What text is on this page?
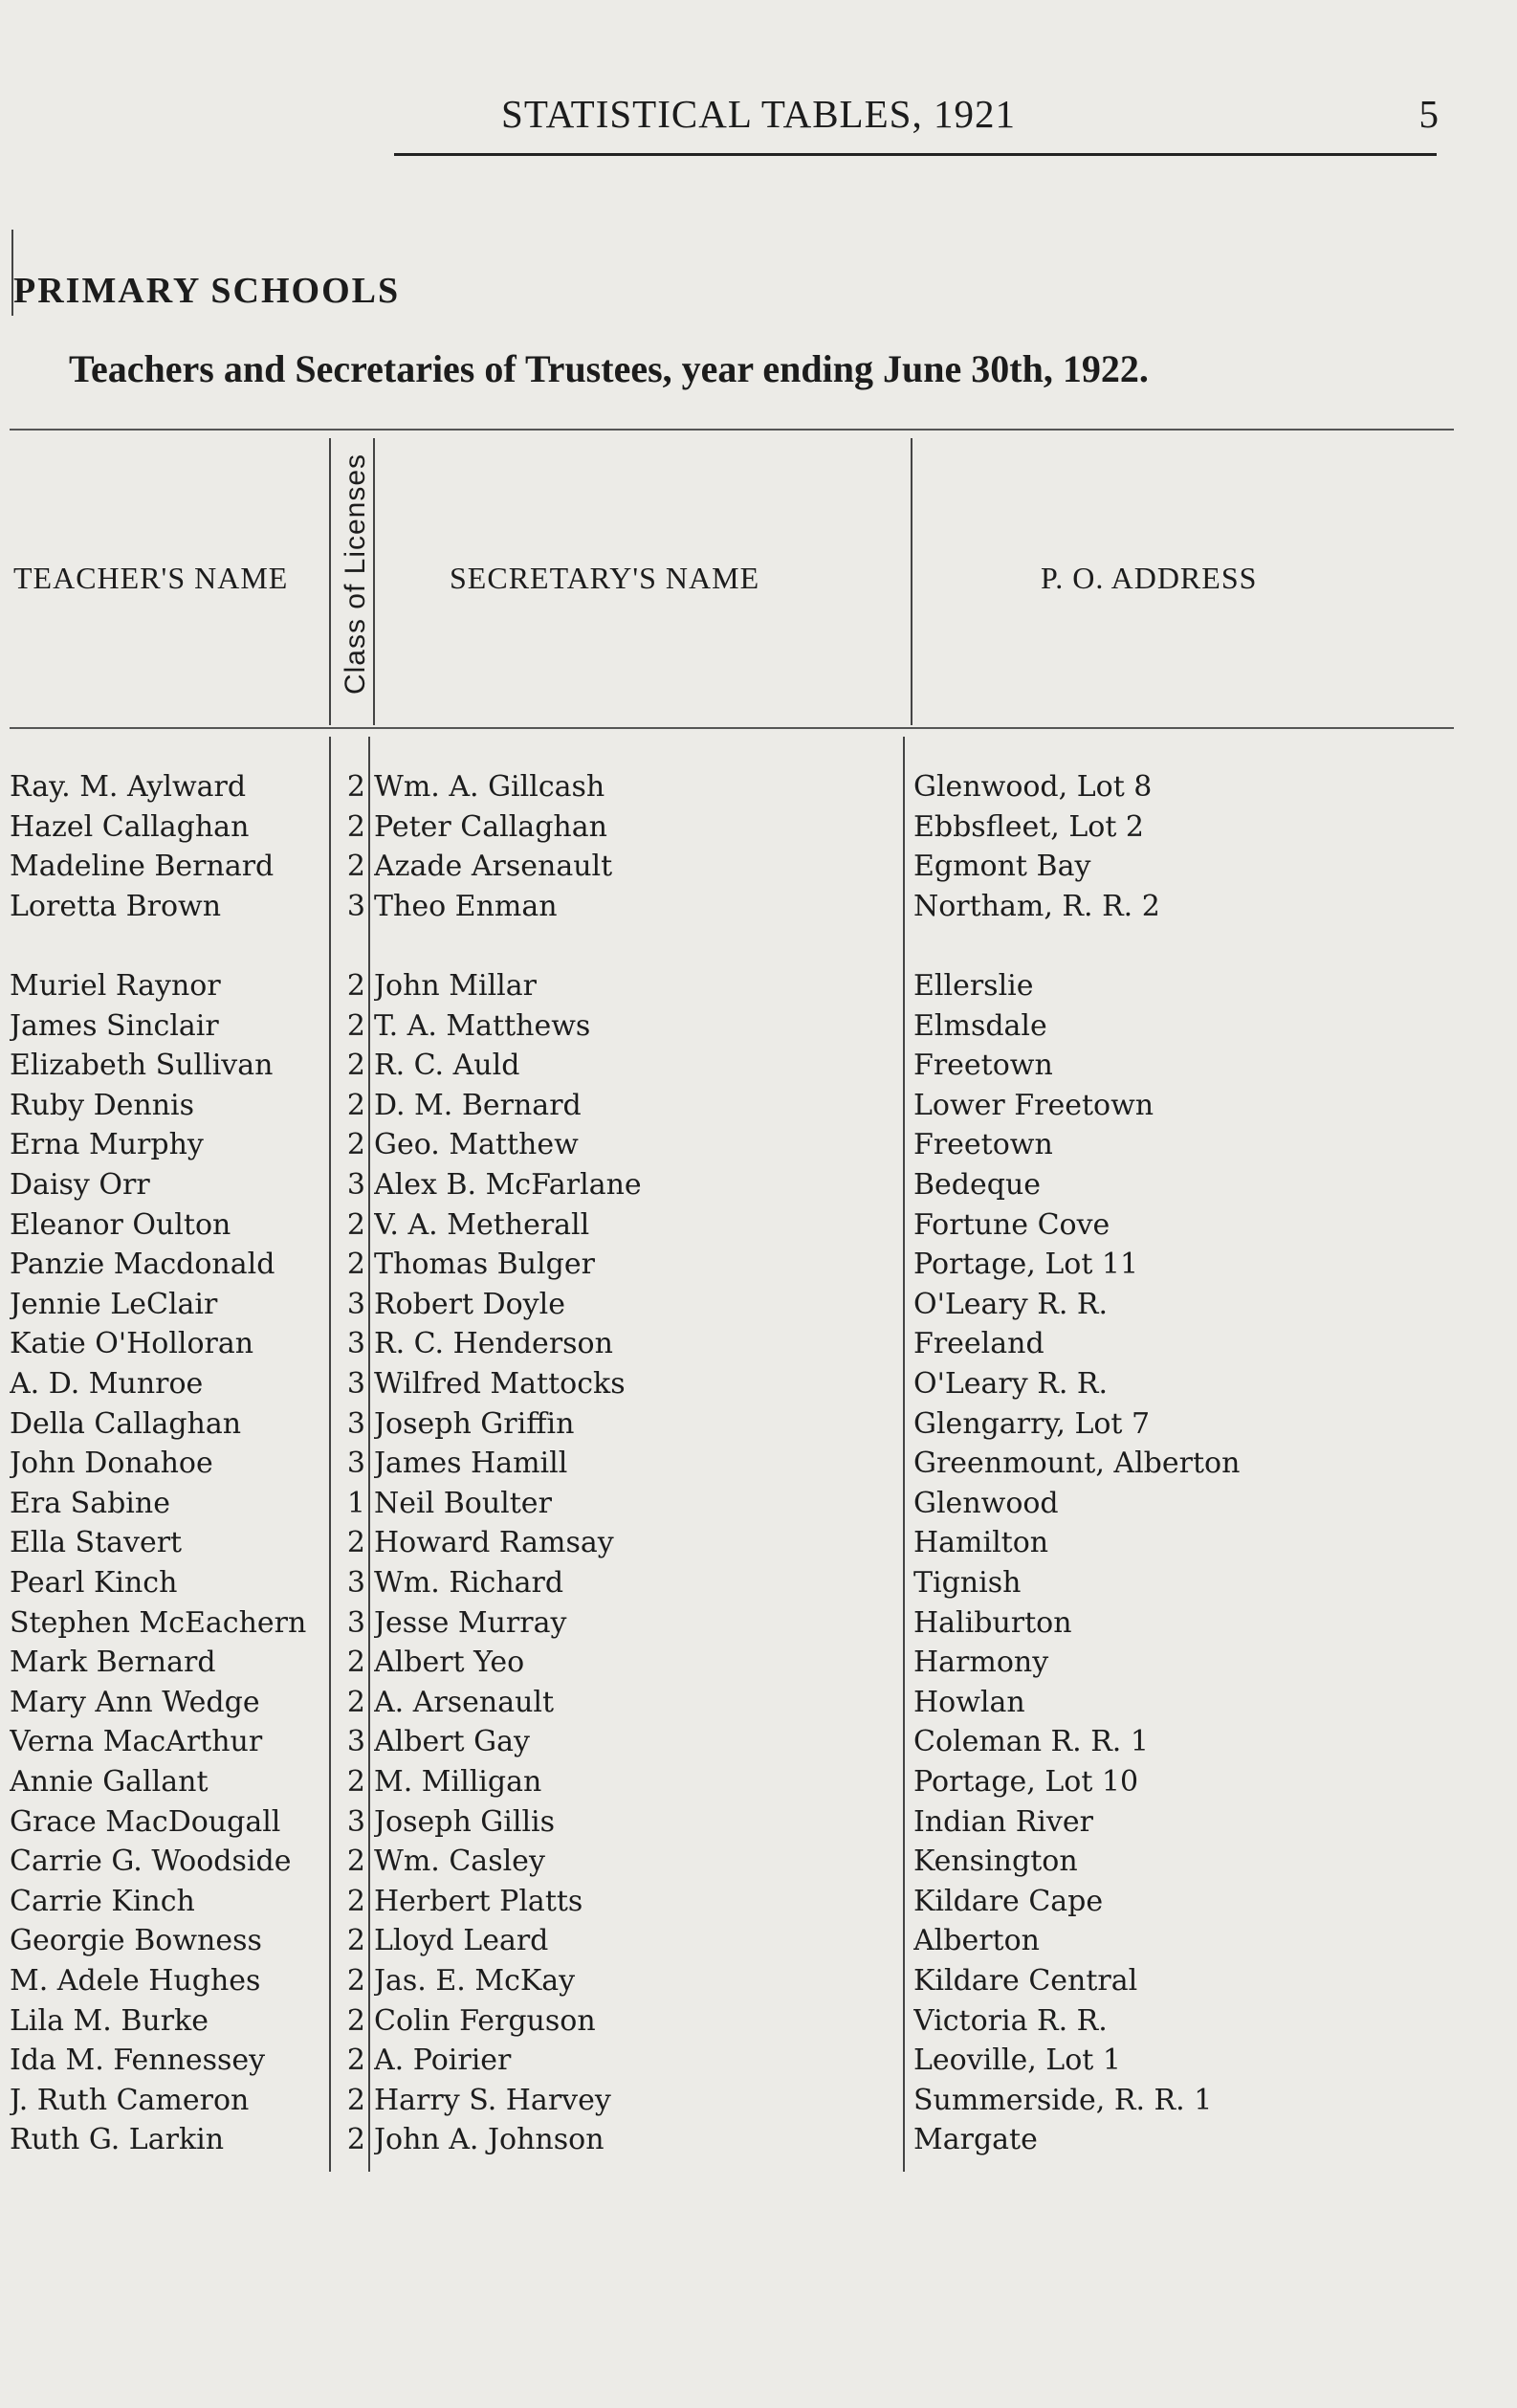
STATISTICAL TABLES, 1921	5
PRIMARY SCHOOLS
Teachers and Secretaries of Trustees, year ending June 30th, 1922.
TEACHER'S NAME Class of Licenses	SECRETARY'S NAME	P. O. ADDRESS
Ray. M. Aylward	2 Wm. A. Gillcash	Glenwood, Lot 8
Hazel Callaghan	2 Peter Callaghan	Ebbsfleet, Lot 2
Madeline Bernard	2 Azade Arsenault	Egmont Bay
Loretta Brown	3 Theo Enman	Northam, R. R. 2
Muriel Raynor	2 John Millar	Ellerslie
James Sinclair	2 T. A. Matthews	Elmsdale
Elizabeth Sullivan	2 R. C. Auld	Freetown
Ruby Dennis	2 D. M. Bernard	Lower Freetown
Erna Murphy	2 Geo. Matthew	Freetown
Daisy Orr	3 Alex B. McFarlane	Bedeque
Eleanor Oulton	2 V. A. Metherall	Fortune Cove
Panzie Macdonald	2 Thomas Bulger	Portage, Lot 11
Jennie LeClair	3 Robert Doyle	O'Leary R. R.
Katie O'Holloran	3 R. C. Henderson	Freeland
A. D. Munroe	3 Wilfred Mattocks	O'Leary R. R.
Della Callaghan	3 Joseph Griffin	Glengarry, Lot 7
John Donahoe	3 James Hamill	Greenmount, Alberton
Era Sabine	1 Neil Boulter	Glenwood
Ella Stavert	2 Howard Ramsay	Hamilton
Pearl Kinch	3 Wm. Richard	Tignish
Stephen McEachern	3 Jesse Murray	Haliburton
Mark Bernard	2 Albert Yeo	Harmony
Mary Ann Wedge	2 A. Arsenault	Howlan
Verna MacArthur	3 Albert Gay	Coleman R. R. 1
Annie Gallant	2 M. Milligan	Portage, Lot 10
Grace MacDougall	3 Joseph Gillis	Indian River
Carrie G. Woodside	2 Wm. Casley	Kensington
Carrie Kinch	2 Herbert Platts	Kildare Cape
Georgie Bowness	2 Lloyd Leard	Alberton
M. Adele Hughes	2 Jas. E. McKay	Kildare Central
Lila M. Burke	2 Colin Ferguson	Victoria R. R.
Ida M. Fennessey	2 A. Poirier	Leoville, Lot 1
J. Ruth Cameron	2 Harry S. Harvey	Summerside, R. R. 1
Ruth G. Larkin	2 John A. Johnson	Margate
